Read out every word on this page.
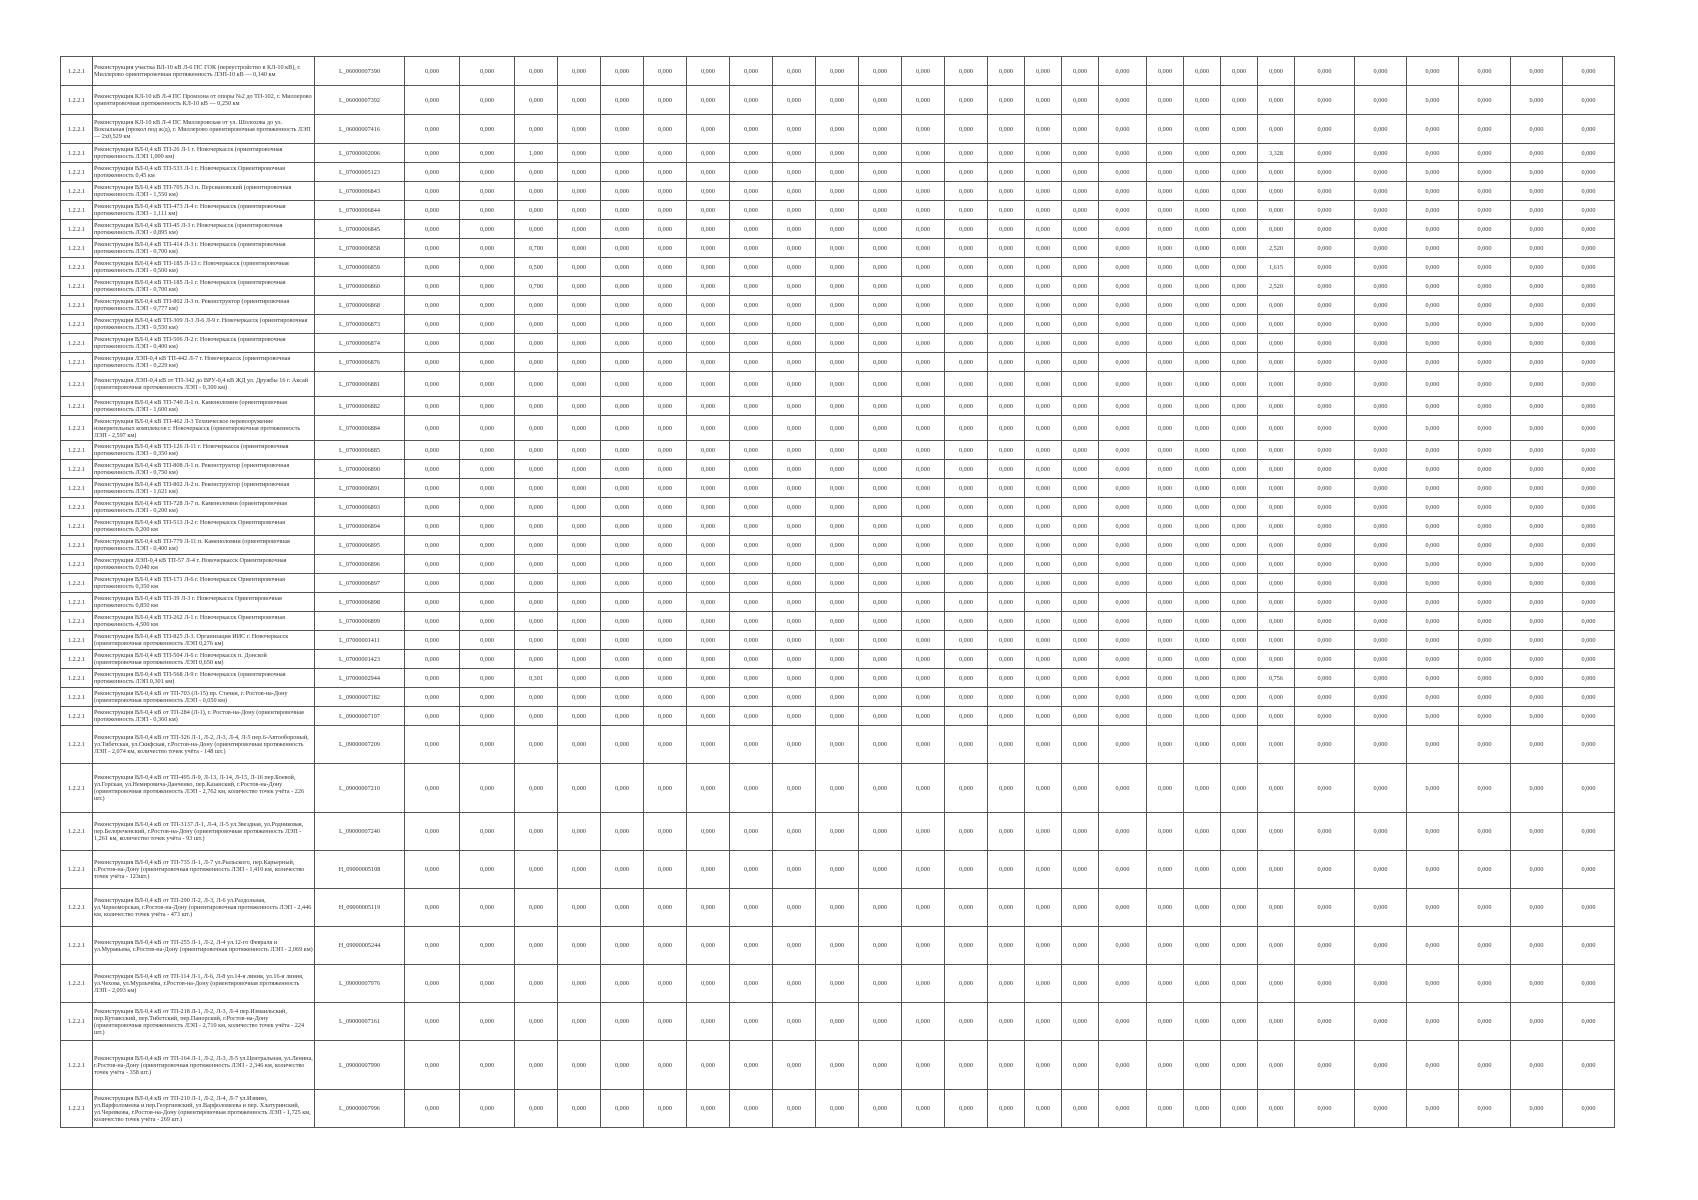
1.2.2.1	Реконструкция участка ВЛ-10 кВ Л-6 ПС ГОК (переустройство в КЛ-10 кВ), г. Миллерово ориентировочная протяженность ЛЭП-10 кВ — 0,140 км	L_06000007390	0,000	0,000	0,000	0,000	0,000	0,000	0,000	0,000	0,000	0,000	0,000	0,000	0,000	0,000	0,000	0,000	0,000	0,000	0,000	0,000	0,000	0,000	0,000	0,000	0,000	0,000	0,000
1.2.2.1	Реконструкция КЛ-10 кВ Л-4 ПС Промзона от опоры №2 до ТП-102, г. Миллерово ориентировочная протяженность КЛ-10 кВ — 0,250 км	L_06000007392	0,000	0,000	0,000	0,000	0,000	0,000	0,000	0,000	0,000	0,000	0,000	0,000	0,000	0,000	0,000	0,000	0,000	0,000	0,000	0,000	0,000	0,000	0,000	0,000	0,000	0,000	0,000
1.2.2.1	Реконструкция КЛ-10 кВ Л-4 ПС Миллеровская от ул. Шолохова до ул. Вокзальная (прокол под ж/д), г. Миллерово ориентировочная протяженность ЛЭП — 2х0,529 км	L_06000007416	0,000	0,000	0,000	0,000	0,000	0,000	0,000	0,000	0,000	0,000	0,000	0,000	0,000	0,000	0,000	0,000	0,000	0,000	0,000	0,000	0,000	0,000	0,000	0,000	0,000	0,000	0,000
1.2.2.1	Реконструкция ВЛ-0,4 кВ ТП-26 Л-1 г. Новочеркасск (ориентировочная протяженность ЛЭП 1,000 км)	L_07000002006	0,000	0,000	1,000	0,000	0,000	0,000	0,000	0,000	0,000	0,000	0,000	0,000	0,000	0,000	0,000	0,000	0,000	0,000	0,000	0,000	3,328	0,000	0,000	0,000	0,000	0,000	0,000
1.2.2.1	Реконструкция ВЛ-0,4 кВ ТП-533 Л-1 г. Новочеркасск Ориентировочная протяженность 0,45 км	L_07000005123	0,000	0,000	0,000	0,000	0,000	0,000	0,000	0,000	0,000	0,000	0,000	0,000	0,000	0,000	0,000	0,000	0,000	0,000	0,000	0,000	0,000	0,000	0,000	0,000	0,000	0,000	0,000
1.2.2.1	Реконструкция ВЛ-0,4 кВ ТП-705 Л-3 п. Персиановский (ориентировочная протяженность ЛЭП - 1,550 км)	L_07000006843	0,000	0,000	0,000	0,000	0,000	0,000	0,000	0,000	0,000	0,000	0,000	0,000	0,000	0,000	0,000	0,000	0,000	0,000	0,000	0,000	0,000	0,000	0,000	0,000	0,000	0,000	0,000
1.2.2.1	Реконструкция ВЛ-0,4 кВ ТП-473 Л-4 г. Новочеркасск (ориентировочная протяженность ЛЭП - 1,111 км)	L_07000006844	0,000	0,000	0,000	0,000	0,000	0,000	0,000	0,000	0,000	0,000	0,000	0,000	0,000	0,000	0,000	0,000	0,000	0,000	0,000	0,000	0,000	0,000	0,000	0,000	0,000	0,000	0,000
1.2.2.1	Реконструкция ВЛ-0,4 кВ ТП-45 Л-3 г. Новочеркасск (ориентировочная протяженность ЛЭП - 0,895 км)	L_07000006845	0,000	0,000	0,000	0,000	0,000	0,000	0,000	0,000	0,000	0,000	0,000	0,000	0,000	0,000	0,000	0,000	0,000	0,000	0,000	0,000	0,000	0,000	0,000	0,000	0,000	0,000	0,000
1.2.2.1	Реконструкция ВЛ-0,4 кВ ТП-414 Л-3 г. Новочеркасск (ориентировочная протяженность ЛЭП - 0,700 км)	L_07000006858	0,000	0,000	0,700	0,000	0,000	0,000	0,000	0,000	0,000	0,000	0,000	0,000	0,000	0,000	0,000	0,000	0,000	0,000	0,000	0,000	2,520	0,000	0,000	0,000	0,000	0,000	0,000
1.2.2.1	Реконструкция ВЛ-0,4 кВ ТП-185 Л-13 г. Новочеркасск (ориентировочная протяженность ЛЭП - 0,500 км)	L_07000006859	0,000	0,000	0,500	0,000	0,000	0,000	0,000	0,000	0,000	0,000	0,000	0,000	0,000	0,000	0,000	0,000	0,000	0,000	0,000	0,000	1,615	0,000	0,000	0,000	0,000	0,000	0,000
1.2.2.1	Реконструкция ВЛ-0,4 кВ ТП-185 Л-1 г. Новочеркасск (ориентировочная протяженность ЛЭП - 0,700 км)	L_07000006860	0,000	0,000	0,700	0,000	0,000	0,000	0,000	0,000	0,000	0,000	0,000	0,000	0,000	0,000	0,000	0,000	0,000	0,000	0,000	0,000	2,520	0,000	0,000	0,000	0,000	0,000	0,000
1.2.2.1	Реконструкция ВЛ-0,4 кВ ТП-802 Л-3 п. Реконструктор (ориентировочная протяженность ЛЭП - 0,777 км)	L_07000006868	0,000	0,000	0,000	0,000	0,000	0,000	0,000	0,000	0,000	0,000	0,000	0,000	0,000	0,000	0,000	0,000	0,000	0,000	0,000	0,000	0,000	0,000	0,000	0,000	0,000	0,000	0,000
1.2.2.1	Реконструкция ВЛ-0,4 кВ ТП-309 Л-3 Л-6 Л-9 г. Новочеркасск (ориентировочная протяженность ЛЭП - 0,550 км)	L_07000006873	0,000	0,000	0,000	0,000	0,000	0,000	0,000	0,000	0,000	0,000	0,000	0,000	0,000	0,000	0,000	0,000	0,000	0,000	0,000	0,000	0,000	0,000	0,000	0,000	0,000	0,000	0,000
1.2.2.1	Реконструкция ВЛ-0,4 кВ ТП-506 Л-2 г. Новочеркасск (ориентировочная протяженность ЛЭП - 0,400 км)	L_07000006874	0,000	0,000	0,000	0,000	0,000	0,000	0,000	0,000	0,000	0,000	0,000	0,000	0,000	0,000	0,000	0,000	0,000	0,000	0,000	0,000	0,000	0,000	0,000	0,000	0,000	0,000	0,000
1.2.2.1	Реконструкция ЛЭП-0,4 кВ ТП-442 Л-7 г. Новочеркасск (ориентировочная протяженность ЛЭП - 0,229 км)	L_07000006876	0,000	0,000	0,000	0,000	0,000	0,000	0,000	0,000	0,000	0,000	0,000	0,000	0,000	0,000	0,000	0,000	0,000	0,000	0,000	0,000	0,000	0,000	0,000	0,000	0,000	0,000	0,000
1.2.2.1	Реконструкция ЛЭП-0,4 кВ от ТП-342 до ВРУ-0,4 кВ ЖД ул. Дружбы 16 г. Аксай (ориентировочная протяженность ЛЭП - 0,300 км)	L_07000006881	0,000	0,000	0,000	0,000	0,000	0,000	0,000	0,000	0,000	0,000	0,000	0,000	0,000	0,000	0,000	0,000	0,000	0,000	0,000	0,000	0,000	0,000	0,000	0,000	0,000	0,000	0,000
1.2.2.1	Реконструкция ВЛ-0,4 кВ ТП-740 Л-1 п. Каменоломни (ориентировочная протяженность ЛЭП - 1,600 км)	L_07000006882	0,000	0,000	0,000	0,000	0,000	0,000	0,000	0,000	0,000	0,000	0,000	0,000	0,000	0,000	0,000	0,000	0,000	0,000	0,000	0,000	0,000	0,000	0,000	0,000	0,000	0,000	0,000
1.2.2.1	Реконструкция ВЛ-0,4 кВ ТП-462 Л-3 Техническое перевооружение измерительных комплексов г. Новочеркасск (ориентировочная протяженность ЛЭП - 2,597 км)	L_07000006884	0,000	0,000	0,000	0,000	0,000	0,000	0,000	0,000	0,000	0,000	0,000	0,000	0,000	0,000	0,000	0,000	0,000	0,000	0,000	0,000	0,000	0,000	0,000	0,000	0,000	0,000	0,000
1.2.2.1	Реконструкция ВЛ-0,4 кВ ТП-126 Л-11 г. Новочеркасск (ориентировочная протяженность ЛЭП - 0,350 км)	L_07000006885	0,000	0,000	0,000	0,000	0,000	0,000	0,000	0,000	0,000	0,000	0,000	0,000	0,000	0,000	0,000	0,000	0,000	0,000	0,000	0,000	0,000	0,000	0,000	0,000	0,000	0,000	0,000
1.2.2.1	Реконструкция ВЛ-0,4 кВ ТП-808 Л-1 п. Реконструктор (ориентировочная протяженность ЛЭП - 0,750 км)	L_07000006890	0,000	0,000	0,000	0,000	0,000	0,000	0,000	0,000	0,000	0,000	0,000	0,000	0,000	0,000	0,000	0,000	0,000	0,000	0,000	0,000	0,000	0,000	0,000	0,000	0,000	0,000	0,000
1.2.2.1	Реконструкция ВЛ-0,4 кВ ТП-802 Л-2 п. Реконструктор (ориентировочная протяженность ЛЭП - 1,621 км)	L_07000006891	0,000	0,000	0,000	0,000	0,000	0,000	0,000	0,000	0,000	0,000	0,000	0,000	0,000	0,000	0,000	0,000	0,000	0,000	0,000	0,000	0,000	0,000	0,000	0,000	0,000	0,000	0,000
1.2.2.1	Реконструкция ВЛ-0,4 кВ ТП-728 Л-7 п. Каменоломни (ориентировочная протяженность ЛЭП - 0,200 км)	L_07000006893	0,000	0,000	0,000	0,000	0,000	0,000	0,000	0,000	0,000	0,000	0,000	0,000	0,000	0,000	0,000	0,000	0,000	0,000	0,000	0,000	0,000	0,000	0,000	0,000	0,000	0,000	0,000
1.2.2.1	Реконструкция ВЛ-0,4 кВ ТП-513 Л-2 г. Новочеркасск Ориентировочная протяженность 0,200 км	L_07000006894	0,000	0,000	0,000	0,000	0,000	0,000	0,000	0,000	0,000	0,000	0,000	0,000	0,000	0,000	0,000	0,000	0,000	0,000	0,000	0,000	0,000	0,000	0,000	0,000	0,000	0,000	0,000
1.2.2.1	Реконструкция ВЛ-0,4 кВ ТП-779 Л-11 п. Каменоломни (ориентировочная протяженность ЛЭП - 0,400 км)	L_07000006895	0,000	0,000	0,000	0,000	0,000	0,000	0,000	0,000	0,000	0,000	0,000	0,000	0,000	0,000	0,000	0,000	0,000	0,000	0,000	0,000	0,000	0,000	0,000	0,000	0,000	0,000	0,000
1.2.2.1	Реконструкция ЛЭП-0,4 кВ ТП-57 Л-4 г. Новочеркасск Ориентировочная протяженность 0,040 км	L_07000006896	0,000	0,000	0,000	0,000	0,000	0,000	0,000	0,000	0,000	0,000	0,000	0,000	0,000	0,000	0,000	0,000	0,000	0,000	0,000	0,000	0,000	0,000	0,000	0,000	0,000	0,000	0,000
1.2.2.1	Реконструкция ВЛ-0,4 кВ ТП-171 Л-6 г. Новочеркасск Ориентировочная протяженность 0,350 км	L_07000006897	0,000	0,000	0,000	0,000	0,000	0,000	0,000	0,000	0,000	0,000	0,000	0,000	0,000	0,000	0,000	0,000	0,000	0,000	0,000	0,000	0,000	0,000	0,000	0,000	0,000	0,000	0,000
1.2.2.1	Реконструкция ВЛ-0,4 кВ ТП-39 Л-3 г. Новочеркасск Ориентировочная протяженность 0,850 км	L_07000006898	0,000	0,000	0,000	0,000	0,000	0,000	0,000	0,000	0,000	0,000	0,000	0,000	0,000	0,000	0,000	0,000	0,000	0,000	0,000	0,000	0,000	0,000	0,000	0,000	0,000	0,000	0,000
1.2.2.1	Реконструкция ВЛ-0,4 кВ ТП-262 Л-1 г. Новочеркасск Ориентировочная протяженность 4,500 км	L_07000006899	0,000	0,000	0,000	0,000	0,000	0,000	0,000	0,000	0,000	0,000	0,000	0,000	0,000	0,000	0,000	0,000	0,000	0,000	0,000	0,000	0,000	0,000	0,000	0,000	0,000	0,000	0,000
1.2.2.1	Реконструкция ВЛ-0,4 кВ ТП-825 Л-3. Организация ИИС г. Новочеркасск (ориентировочная протяженность ЛЭП 0,276 км)	L_07000001411	0,000	0,000	0,000	0,000	0,000	0,000	0,000	0,000	0,000	0,000	0,000	0,000	0,000	0,000	0,000	0,000	0,000	0,000	0,000	0,000	0,000	0,000	0,000	0,000	0,000	0,000	0,000
1.2.2.1	Реконструкция ВЛ-0,4 кВ ТП-504 Л-6 г. Новочеркасск п. Донской (ориентировочная протяженность ЛЭП 0,650 км)	L_07000001423	0,000	0,000	0,000	0,000	0,000	0,000	0,000	0,000	0,000	0,000	0,000	0,000	0,000	0,000	0,000	0,000	0,000	0,000	0,000	0,000	0,000	0,000	0,000	0,000	0,000	0,000	0,000
1.2.2.1	Реконструкция ВЛ-0,4 кВ ТП-568 Л-9 г. Новочеркасск (ориентировочная протяженность ЛЭП 0,301 км)	L_07000002944	0,000	0,000	0,301	0,000	0,000	0,000	0,000	0,000	0,000	0,000	0,000	0,000	0,000	0,000	0,000	0,000	0,000	0,000	0,000	0,000	0,756	0,000	0,000	0,000	0,000	0,000	0,000
1.2.2.1	Реконструкция ВЛ-0,4 кВ от ТП-703 (Л-15) пр. Стачки, г. Ростов-на-Дону (ориентировочная протяженность ЛЭП - 0,050 км)	L_09000007182	0,000	0,000	0,000	0,000	0,000	0,000	0,000	0,000	0,000	0,000	0,000	0,000	0,000	0,000	0,000	0,000	0,000	0,000	0,000	0,000	0,000	0,000	0,000	0,000	0,000	0,000	0,000
1.2.2.1	Реконструкция ВЛ-0,4 кВ от ТП-284 (Л-1), г. Ростов-на-Дону (ориентировочная протяженность ЛЭП - 0,360 км)	L_09000007197	0,000	0,000	0,000	0,000	0,000	0,000	0,000	0,000	0,000	0,000	0,000	0,000	0,000	0,000	0,000	0,000	0,000	0,000	0,000	0,000	0,000	0,000	0,000	0,000	0,000	0,000	0,000
1.2.2.1	Реконструкция ВЛ-0,4 кВ от ТП-326 Л-1, Л-2, Л-3, Л-4, Л-5 пер.6-Автообороный, ул.Тибетская, ул.Скифская, г.Ростов-на-Дону (ориентировочная протяженность ЛЭП - 2,074 км, количество точек учёта - 148 шт.)	L_09000007209	0,000	0,000	0,000	0,000	0,000	0,000	0,000	0,000	0,000	0,000	0,000	0,000	0,000	0,000	0,000	0,000	0,000	0,000	0,000	0,000	0,000	0,000	0,000	0,000	0,000	0,000	0,000
1.2.2.1	Реконструкция ВЛ-0,4 кВ от ТП-495 Л-9, Л-13, Л-14, Л-15, Л-16 пер.Боевой, ул.Горская, ул.Немировича-Данченко, пер.Казанский, г.Ростов-на-Дону (ориентировочная протяженность ЛЭП - 2,762 км, количество точек учёта - 226 шт.)	L_09000007210	0,000	0,000	0,000	0,000	0,000	0,000	0,000	0,000	0,000	0,000	0,000	0,000	0,000	0,000	0,000	0,000	0,000	0,000	0,000	0,000	0,000	0,000	0,000	0,000	0,000	0,000	0,000
1.2.2.1	Реконструкция ВЛ-0,4 кВ от ТП-3137 Л-1, Л-4, Л-5 ул.Звездная, ул.Родниковая, пер.Белореченский, г.Ростов-на-Дону (ориентировочная протяженность ЛЭП - 1,261 км, количество точек учёта - 93 шт.)	L_09000007240	0,000	0,000	0,000	0,000	0,000	0,000	0,000	0,000	0,000	0,000	0,000	0,000	0,000	0,000	0,000	0,000	0,000	0,000	0,000	0,000	0,000	0,000	0,000	0,000	0,000	0,000	0,000
1.2.2.1	Реконструкция ВЛ-0,4 кВ от ТП-735 Л-1, Л-7 ул.Рыльского, пер.Карьерный, г.Ростов-на-Дону (ориентировочная протяженность ЛЭП - 1,410 км, количество точек учёта - 123шт.)	H_09000005108	0,000	0,000	0,000	0,000	0,000	0,000	0,000	0,000	0,000	0,000	0,000	0,000	0,000	0,000	0,000	0,000	0,000	0,000	0,000	0,000	0,000	0,000	0,000	0,000	0,000	0,000	0,000
1.2.2.1	Реконструкция ВЛ-0,4 кВ от ТП-290 Л-2, Л-3, Л-6 ул.Раздольная, ул.Черноморская, г.Ростов-на-Дону (ориентировочная протяженность ЛЭП - 2,446 км, количество точек учёта - 473 шт.)	H_09000005119	0,000	0,000	0,000	0,000	0,000	0,000	0,000	0,000	0,000	0,000	0,000	0,000	0,000	0,000	0,000	0,000	0,000	0,000	0,000	0,000	0,000	0,000	0,000	0,000	0,000	0,000	0,000
1.2.2.1	Реконструкция ВЛ-0,4 кВ от ТП-255 Л-1, Л-2, Л-4 ул.12-го Февраля и ул.Муравьева, г.Ростов-на-Дону (ориентировочная протяженность ЛЭП - 2,069 км)	H_09000005244	0,000	0,000	0,000	0,000	0,000	0,000	0,000	0,000	0,000	0,000	0,000	0,000	0,000	0,000	0,000	0,000	0,000	0,000	0,000	0,000	0,000	0,000	0,000	0,000	0,000	0,000	0,000
1.2.2.1	Реконструкция ВЛ-0,4 кВ от ТП-114 Л-1, Л-6, Л-8 ул.14-я линия, ул.16-я линия, ул.Чехова, ул.Мурлычёва, г.Ростов-на-Дону (ориентировочная протяженность ЛЭП - 2,093 км)	L_09000007976	0,000	0,000	0,000	0,000	0,000	0,000	0,000	0,000	0,000	0,000	0,000	0,000	0,000	0,000	0,000	0,000	0,000	0,000	0,000	0,000	0,000	0,000	0,000	0,000	0,000	0,000	0,000
1.2.2.1	Реконструкция ВЛ-0,4 кВ от ТП-218 Л-1, Л-2, Л-3, Л-4 пер.Измаильский, пер.Кутаисский, пер.Тибетский, пер.Панорский, г.Ростов-на-Дону (ориентировочная протяженность ЛЭП - 2,710 км, количество точек учёта - 224 шт.)	L_09000007161	0,000	0,000	0,000	0,000	0,000	0,000	0,000	0,000	0,000	0,000	0,000	0,000	0,000	0,000	0,000	0,000	0,000	0,000	0,000	0,000	0,000	0,000	0,000	0,000	0,000	0,000	0,000
1.2.2.1	Реконструкция ВЛ-0,4 кВ от ТП-164 Л-1, Л-2, Л-3, Л-5 ул.Центральная, ул.Ленина, г.Ростов-на-Дону (ориентировочная протяженность ЛЭП - 2,346 км, количество точек учёта - 358 шт.)	L_09000007990	0,000	0,000	0,000	0,000	0,000	0,000	0,000	0,000	0,000	0,000	0,000	0,000	0,000	0,000	0,000	0,000	0,000	0,000	0,000	0,000	0,000	0,000	0,000	0,000	0,000	0,000	0,000
1.2.2.1	Реконструкция ВЛ-0,4 кВ от ТП-210 Л-1, Л-2, Л-4, Л-7 ул.Извиво, ул.Варфоломеева и пер.Георгиевский, ул.Варфоломеева и пер. Хлатуринский, ул.Черевкова, г.Ростов-на-Дону (ориентировочная протяженность ЛЭП - 1,725 км, количество точек учёта - 269 шт.)	L_09000007996	0,000	0,000	0,000	0,000	0,000	0,000	0,000	0,000	0,000	0,000	0,000	0,000	0,000	0,000	0,000	0,000	0,000	0,000	0,000	0,000	0,000	0,000	0,000	0,000	0,000	0,000	0,000
